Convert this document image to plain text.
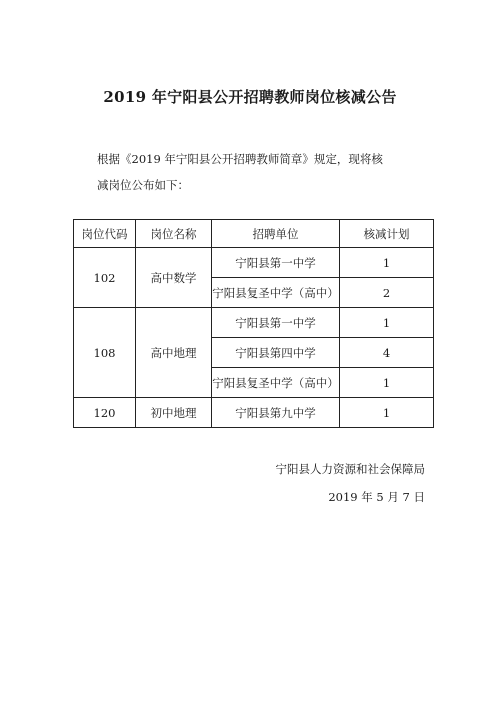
2019 年宁阳县公开招聘教师岗位核减公告
根据《2019 年宁阳县公开招聘教师简章》规定，现将核
减岗位公布如下：
岗位代码	岗位名称	招聘单位	核减计划
102	高中数学	宁阳县第一中学	1
		宁阳县复圣中学（高中）	2
108	高中地理	宁阳县第一中学	1
		宁阳县第四中学	4
		宁阳县复圣中学（高中）	1
120	初中地理	宁阳县第九中学	1
宁阳县人力资源和社会保障局
2019 年 5 月 7 日
